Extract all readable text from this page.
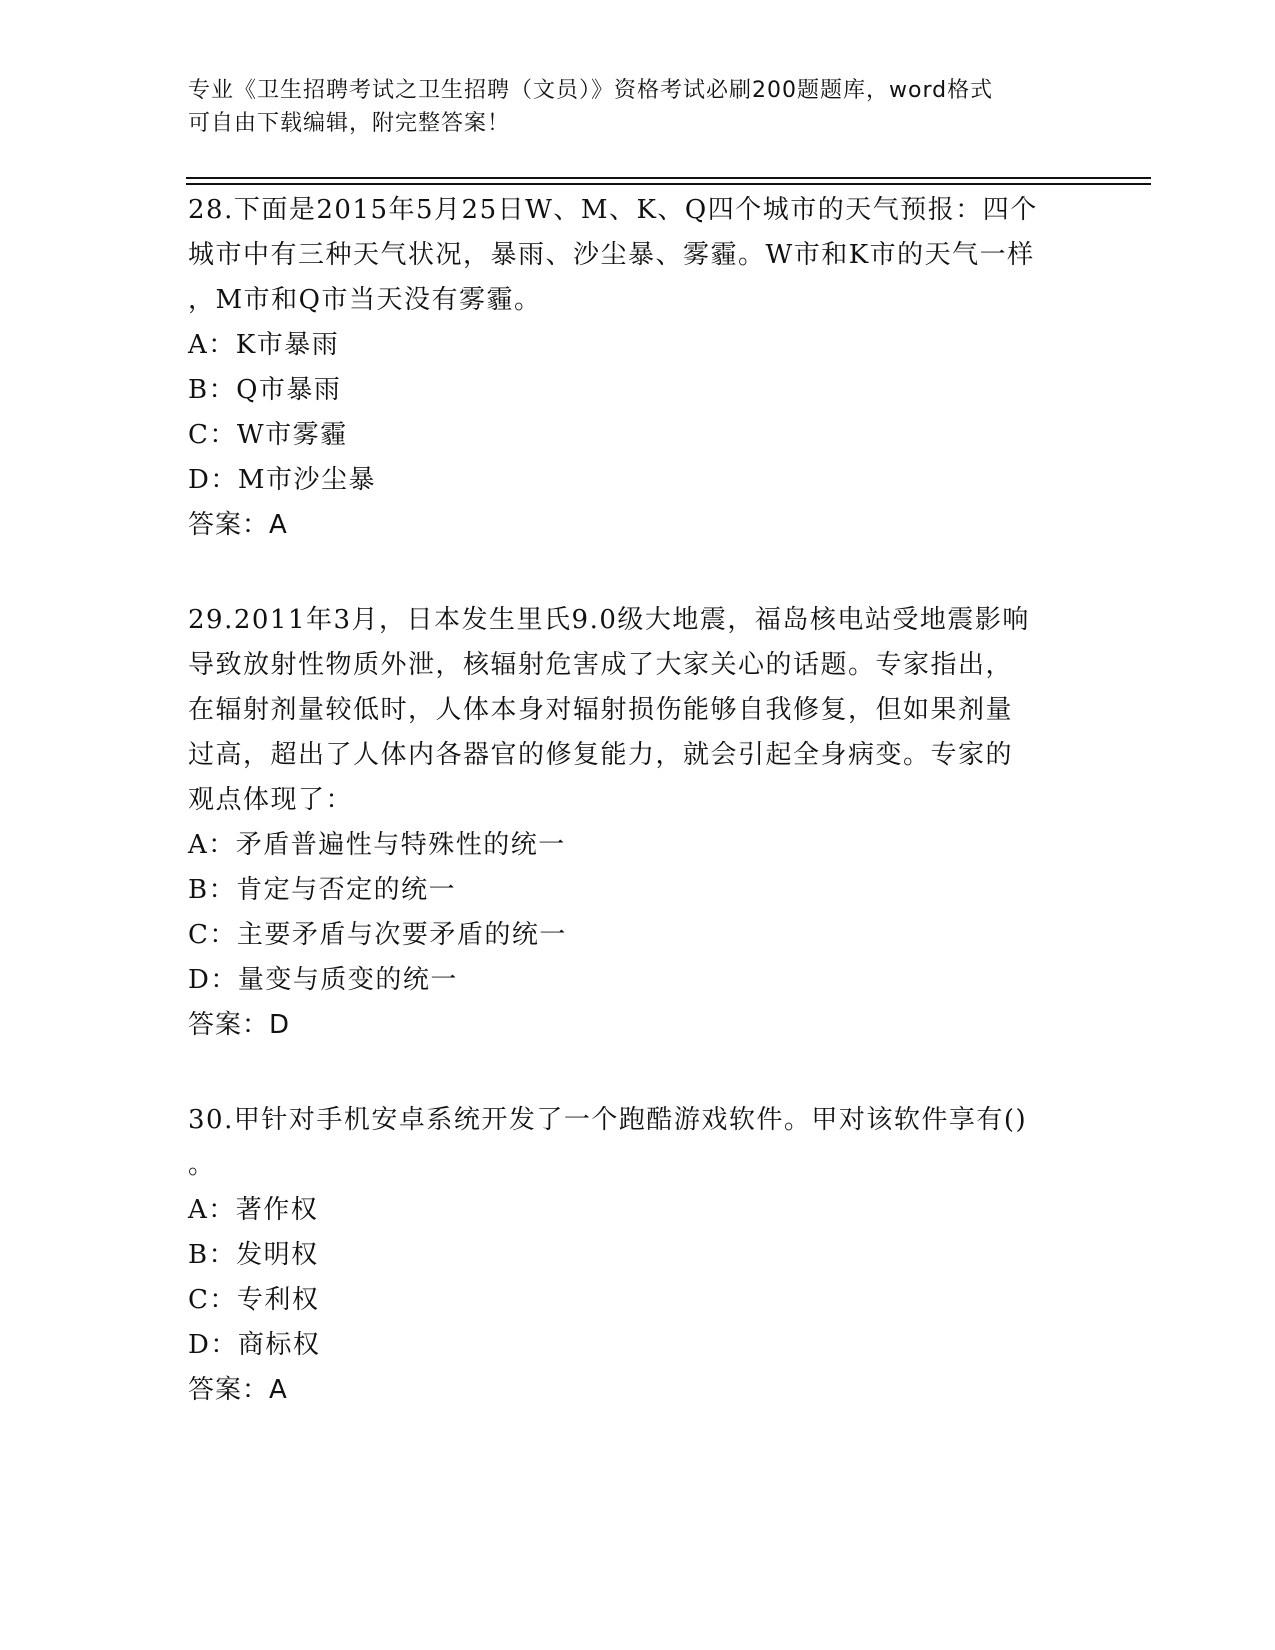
专业《卫生招聘考试之卫生招聘（文员）》资格考试必刷200题题库，word格式
可自由下载编辑，附完整答案！

28.下面是2015年5月25日W、M、K、Q四个城市的天气预报：四个

城市中有三种天气状况，暴雨、沙尘暴、雾霾。W市和K市的天气一样

，M市和Q市当天没有雾霾。

A：K市暴雨

B：Q市暴雨

C：W市雾霾

D：M市沙尘暴

答案：A

29.2011年3月，日本发生里氏9.0级大地震，福岛核电站受地震影响

导致放射性物质外泄，核辐射危害成了大家关心的话题。专家指出，

在辐射剂量较低时，人体本身对辐射损伤能够自我修复，但如果剂量

过高，超出了人体内各器官的修复能力，就会引起全身病变。专家的

观点体现了：

A：矛盾普遍性与特殊性的统一

B：肯定与否定的统一

C：主要矛盾与次要矛盾的统一

D：量变与质变的统一

答案：D

30.甲针对手机安卓系统开发了一个跑酷游戏软件。甲对该软件享有()

。

A：著作权

B：发明权

C：专利权

D：商标权

答案：A
